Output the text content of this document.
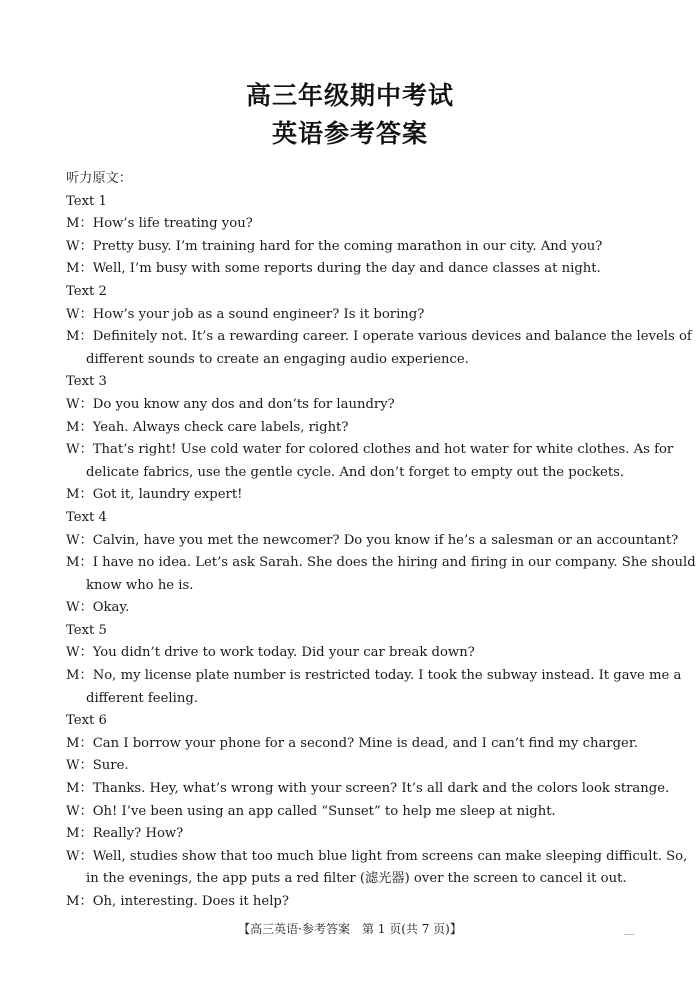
高三年级期中考试
英语参考答案
听力原文：
Text 1
M ： How’s life treating you?
W ： Pretty busy. I’m training hard for the coming marathon in our city. And you?
M ： Well, I’m busy with some reports during the day and dance classes at night.
Text 2
W ： How’s your job as a sound engineer? Is it boring?
M ： Definitely not. It’s a rewarding career. I operate various devices and balance the levels of
different sounds to create an engaging audio experience.
Text 3
W ： Do you know any dos and don’ts for laundry?
M ： Yeah. Always check care labels, right?
W ： That’s right! Use cold water for colored clothes and hot water for white clothes. As for
delicate fabrics, use the gentle cycle. And don’t forget to empty out the pockets.
M ： Got it, laundry expert!
Text 4
W ： Calvin, have you met the newcomer? Do you know if he’s a salesman or an accountant?
M ： I have no idea. Let’s ask Sarah. She does the hiring and firing in our company. She should
know who he is.
W ： Okay.
Text 5
W ： You didn’t drive to work today. Did your car break down?
M ： No, my license plate number is restricted today. I took the subway instead. It gave me a
different feeling.
Text 6
M ： Can I borrow your phone for a second? Mine is dead, and I can’t find my charger.
W ： Sure.
M ： Thanks. Hey, what’s wrong with your screen? It’s all dark and the colors look strange.
W ： Oh! I’ve been using an app called “Sunset” to help me sleep at night.
M ： Really? How?
W ： Well, studies show that too much blue light from screens can make sleeping difficult. So,
in the evenings, the app puts a red filter (滤光器) over the screen to cancel it out.
M ： Oh, interesting. Does it help?
【高三英语·参考答案　第 1 页(共 7 页)】
